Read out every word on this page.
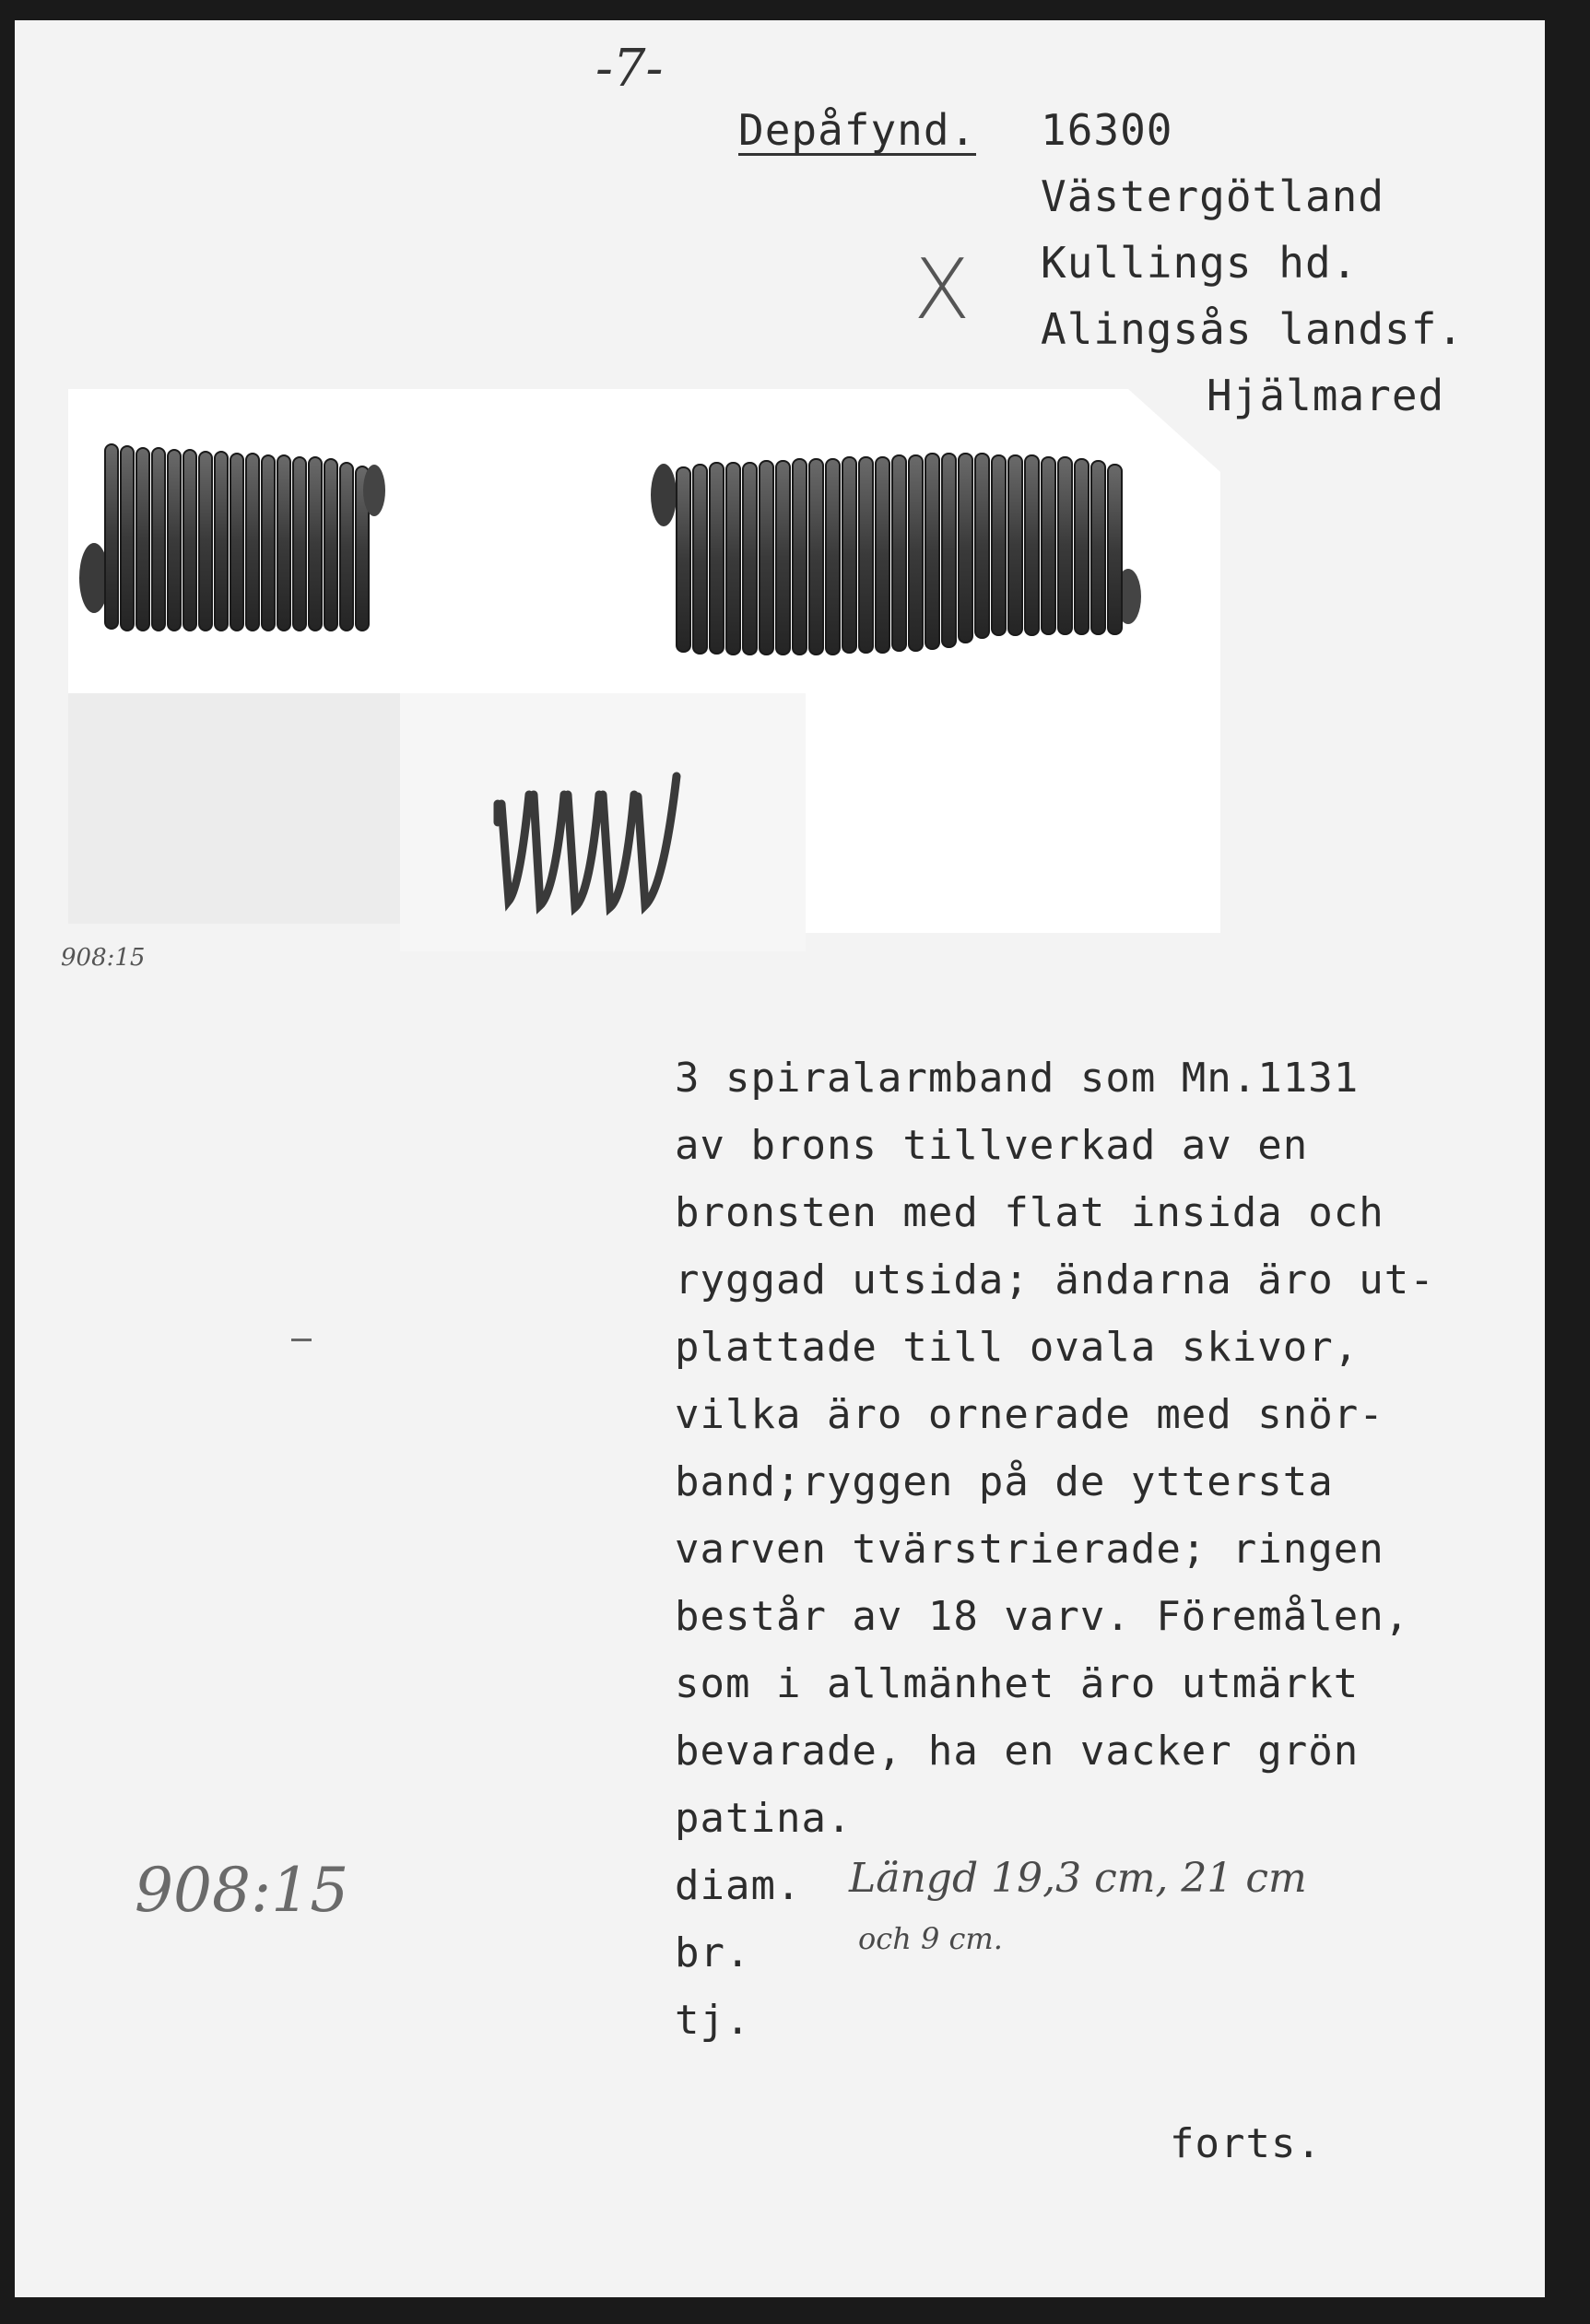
-7-
Depåfynd. 16300
Västergötland
Kullings hd.
Alingsås landsf.
Hjälmared
X
908:15
3 spiralarmband som Mn.1131
av brons tillverkad av en
bronsten med flat insida och
ryggad utsida; ändarna äro ut-
plattade till ovala skivor,
vilka äro ornerade med snör-
band;ryggen på de yttersta
varven tvärstrierade; ringen
består av 18 varv. Föremålen,
som i allmänhet äro utmärkt
bevarade, ha en vacker grön
patina.
diam.
br.
tj.
Längd 19,3 cm, 21 cm
och 9 cm.
908:15
forts.
